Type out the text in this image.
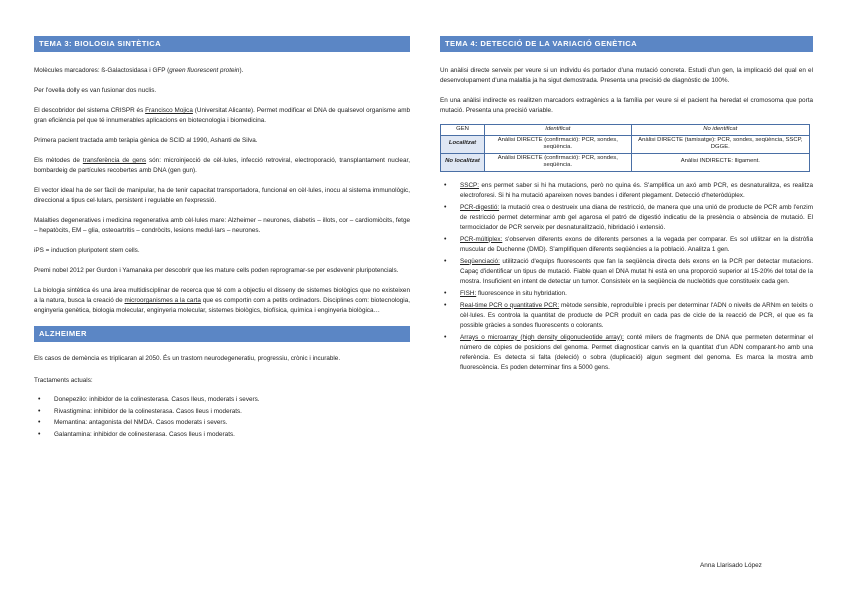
TEMA 3: BIOLOGIA SINTÈTICA

Molècules marcadores: ß-Galactosidasa i GFP (green fluorescent protein).

Per l'ovella dolly es van fusionar dos nuclis.

El descobridor del sistema CRISPR és Francisco Mojica (Universitat Alicante). Permet modificar el DNA de qualsevol organisme amb gran eficiència pel que té innumerables aplicacions en biotecnologia i biomedicina.

Primera pacient tractada amb teràpia gènica de SCID al 1990, Ashanti de Silva.

Els mètodes de transferència de gens són: microinjecció de cèl·lules, infecció retroviral, electroporació, transplantament nuclear, bombardeig de partícules recobertes amb DNA (gen gun).

El vector ideal ha de ser fàcil de manipular, ha de tenir capacitat transportadora, funcional en cèl·lules, inocu al sistema immunològic, direccional a tipus cel·lulars, persistent i regulable en l'expressió.

Malalties degeneratives i medicina regenerativa amb cèl·lules mare: Alzheimer – neurones, diabetis – illots, cor – cardiomiòcits, fetge – hepatòcits, EM – glia, osteoartritis – condròcits, lesions medul·lars – neurones.

iPS = induction pluripotent stem cells.

Premi nobel 2012 per Gurdon i Yamanaka per descobrir que les mature cells poden reprogramar-se per esdevenir pluripotencials.

La biologia sintètica és una àrea multidisciplinar de recerca que té com a objectiu el disseny de sistemes biològics que no existeixen a la natura, busca la creació de microorganismes a la carta que es comportin com a petits ordinadors. Disciplines com: biotecnologia, enginyeria genètica, biologia molecular, enginyeria molecular, sistemes biològics, biofísica, química i enginyeria biològica…

ALZHEIMER

Els casos de demència es triplicaran al 2050. És un trastorn neurodegeneratiu, progressiu, crònic i incurable.

Tractaments actuals:

• Donepezilo: inhibidor de la colinesterasa. Casos lleus, moderats i severs.
• Rivastigmina: inhibidor de la colinesterasa. Casos lleus i moderats.
• Memantina: antagonista del NMDA. Casos moderats i severs.
• Galantamina: inhibidor de colinesterasa. Casos lleus i moderats.
TEMA 4: DETECCIÓ DE LA VARIACIÓ GENÈTICA

Un anàlisi directe serveix per veure si un individu és portador d'una mutació concreta. Estudi d'un gen, la implicació del qual en el desenvolupament d'una malaltia ja ha sigut demostrada. Presenta una precisió de diagnòstic de 100%.

En una anàlisi indirecte es realitzen marcadors extragènics a la família per veure si el pacient ha heredat el cromosoma que porta mutació. Presenta una precisió variable.

GEN	Identificat	No identificat
Localitzat	Anàlisi DIRECTE (confirmació): PCR, sondes, seqüència.	Anàlisi DIRECTE (tamisatge): PCR, sondes, seqüència, SSCP, DGGE.
No localitzat	Anàlisi DIRECTE (confirmació): PCR, sondes, seqüència.	Anàlisi INDIRECTE: lligament.
• SSCP: ens permet saber si hi ha mutacions, però no quina és. S'amplifica un axó amb PCR, es desnaturalitza, es realitza electroforesi. Si hi ha mutació apareixen noves bandes i diferent plegament. Detecció d'heteròdúplex.
• PCR-digestió: la mutació crea o destrueix una diana de restricció, de manera que una unió de producte de PCR amb l'enzim de restricció permet determinar amb gel agarosa el patró de digestió indicatiu de la presència o absència de mutació. El termociclador de PCR serveix per desnaturalització, hibridació i extensió.
• PCR-múltiplex: s'observen diferents exons de diferents persones a la vegada per comparar. Es sol utilitzar en la distròfia muscular de Duchenne (DMD). S'amplifiquen diferents seqüències a la població. Analitza 1 gen.
• Seqüenciació: utilització d'equips fluorescents que fan la seqüència directa dels exons en la PCR per detectar mutacions. Capaç d'identificar un tipus de mutació. Fiable quan el DNA mutat hi està en una proporció superior al 15-20% del total de la mostra. Insuficient en intent de detectar un tumor. Consisteix en la seqüència de nucleòtids que constitueix cada gen.
• FISH: fluorescence in situ hybridation.
• Real-time PCR o quantitative PCR: mètode sensible, reproduïble i precís per determinar l'ADN o nivells de ARNm en teixits o cèl·lules. Es controla la quantitat de producte de PCR produït en cada pas de cicle de la reacció de PCR, el que es fa possible gràcies a sondes fluorescents o colorants.
• Arrays o microarray (high density oligonucleotide array): conté milers de fragments de DNA que permeten determinar el número de còpies de posicions del genoma. Permet diagnosticar canvis en la quantitat d'un ADN comparant-ho amb una referència. Es detecta si falta (deleció) o sobra (duplicació) algun segment del genoma. Es marca la mostra amb fluorescència. Es poden determinar fins a 5000 gens.
Anna Llarisado López
